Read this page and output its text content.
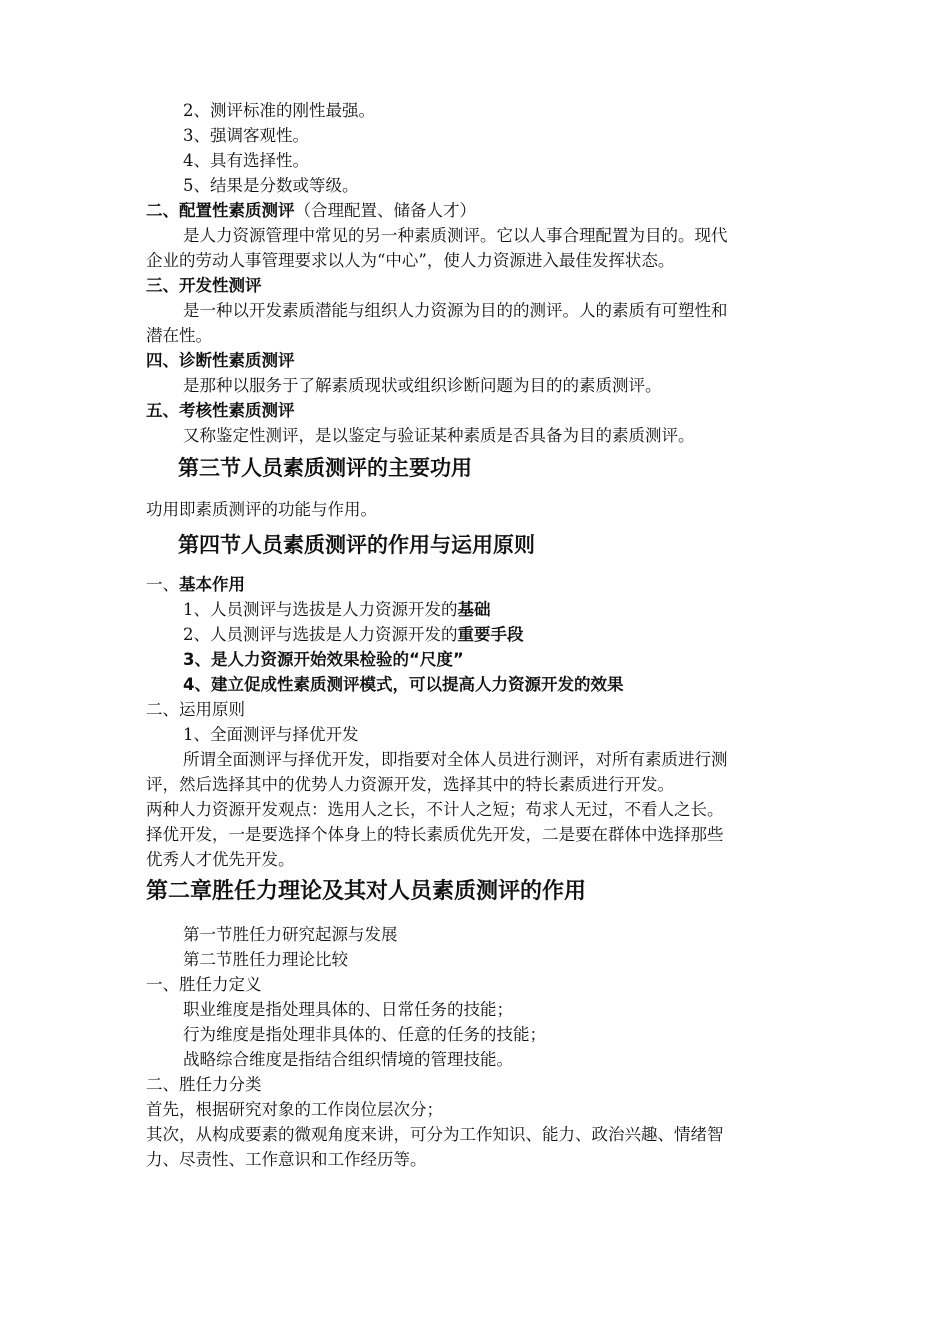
2、测评标准的刚性最强。
3、强调客观性。
4、具有选择性。
5、结果是分数或等级。
二、配置性素质测评（合理配置、储备人才）
是人力资源管理中常见的另一种素质测评。它以人事合理配置为目的。现代
企业的劳动人事管理要求以人为“中心”，使人力资源进入最佳发挥状态。
三、开发性测评
是一种以开发素质潜能与组织人力资源为目的的测评。人的素质有可塑性和
潜在性。
四、诊断性素质测评
是那种以服务于了解素质现状或组织诊断问题为目的的素质测评。
五、考核性素质测评
又称鉴定性测评，是以鉴定与验证某种素质是否具备为目的素质测评。
第三节人员素质测评的主要功用
功用即素质测评的功能与作用。
第四节人员素质测评的作用与运用原则
一、基本作用
1、人员测评与选拔是人力资源开发的基础
2、人员测评与选拔是人力资源开发的重要手段
3、是人力资源开始效果检验的“尺度”
4、建立促成性素质测评模式，可以提高人力资源开发的效果
二、运用原则
1、全面测评与择优开发
所谓全面测评与择优开发，即指要对全体人员进行测评，对所有素质进行测
评，然后选择其中的优势人力资源开发，选择其中的特长素质进行开发。
两种人力资源开发观点：选用人之长，不计人之短；苟求人无过，不看人之长。
择优开发，一是要选择个体身上的特长素质优先开发，二是要在群体中选择那些
优秀人才优先开发。
第二章胜任力理论及其对人员素质测评的作用
第一节胜任力研究起源与发展
第二节胜任力理论比较
一、胜任力定义
职业维度是指处理具体的、日常任务的技能；
行为维度是指处理非具体的、任意的任务的技能；
战略综合维度是指结合组织情境的管理技能。
二、胜任力分类
首先，根据研究对象的工作岗位层次分；
其次，从构成要素的微观角度来讲，可分为工作知识、能力、政治兴趣、情绪智
力、尽责性、工作意识和工作经历等。
